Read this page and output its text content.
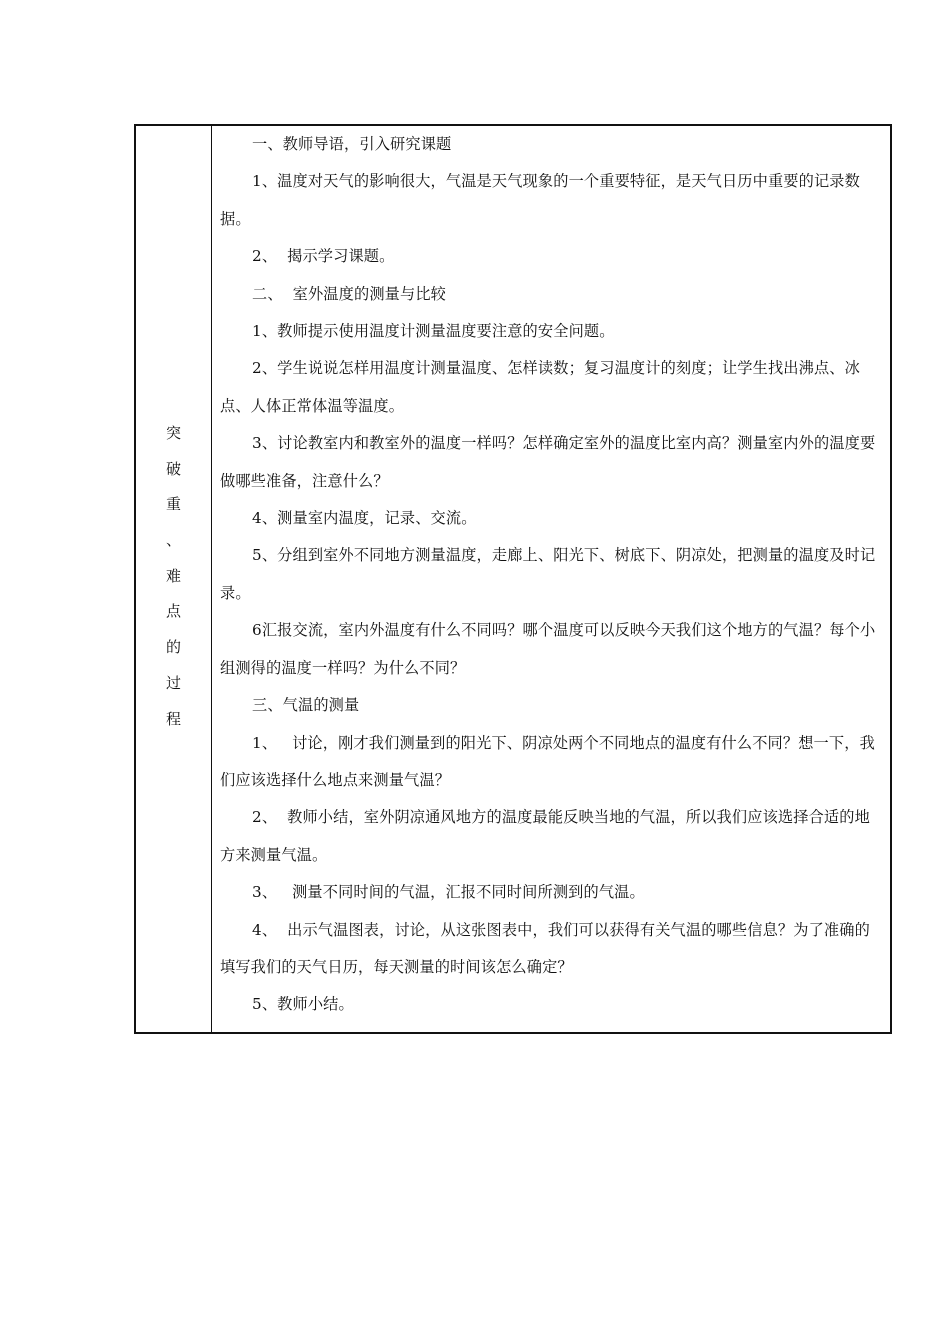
突
破
重
、
难
点
的
过
程

一、教师导语，引入研究课题

1、温度对天气的影响很大，气温是天气现象的一个重要特征，是天气日历中重要的记录数据。

2、  揭示学习课题。

二、  室外温度的测量与比较

1、教师提示使用温度计测量温度要注意的安全问题。

2、学生说说怎样用温度计测量温度、怎样读数；复习温度计的刻度；让学生找出沸点、冰点、人体正常体温等温度。

3、讨论教室内和教室外的温度一样吗？怎样确定室外的温度比室内高？测量室内外的温度要做哪些准备，注意什么？

4、测量室内温度，记录、交流。

5、分组到室外不同地方测量温度，走廊上、阳光下、树底下、阴凉处，把测量的温度及时记录。

6汇报交流，室内外温度有什么不同吗？哪个温度可以反映今天我们这个地方的气温？每个小组测得的温度一样吗？为什么不同？

三、气温的测量

1、   讨论，刚才我们测量到的阳光下、阴凉处两个不同地点的温度有什么不同？想一下，我们应该选择什么地点来测量气温？

2、  教师小结，室外阴凉通风地方的温度最能反映当地的气温，所以我们应该选择合适的地方来测量气温。

3、   测量不同时间的气温，汇报不同时间所测到的气温。

4、  出示气温图表，讨论，从这张图表中，我们可以获得有关气温的哪些信息？为了准确的填写我们的天气日历，每天测量的时间该怎么确定？

5、教师小结。
